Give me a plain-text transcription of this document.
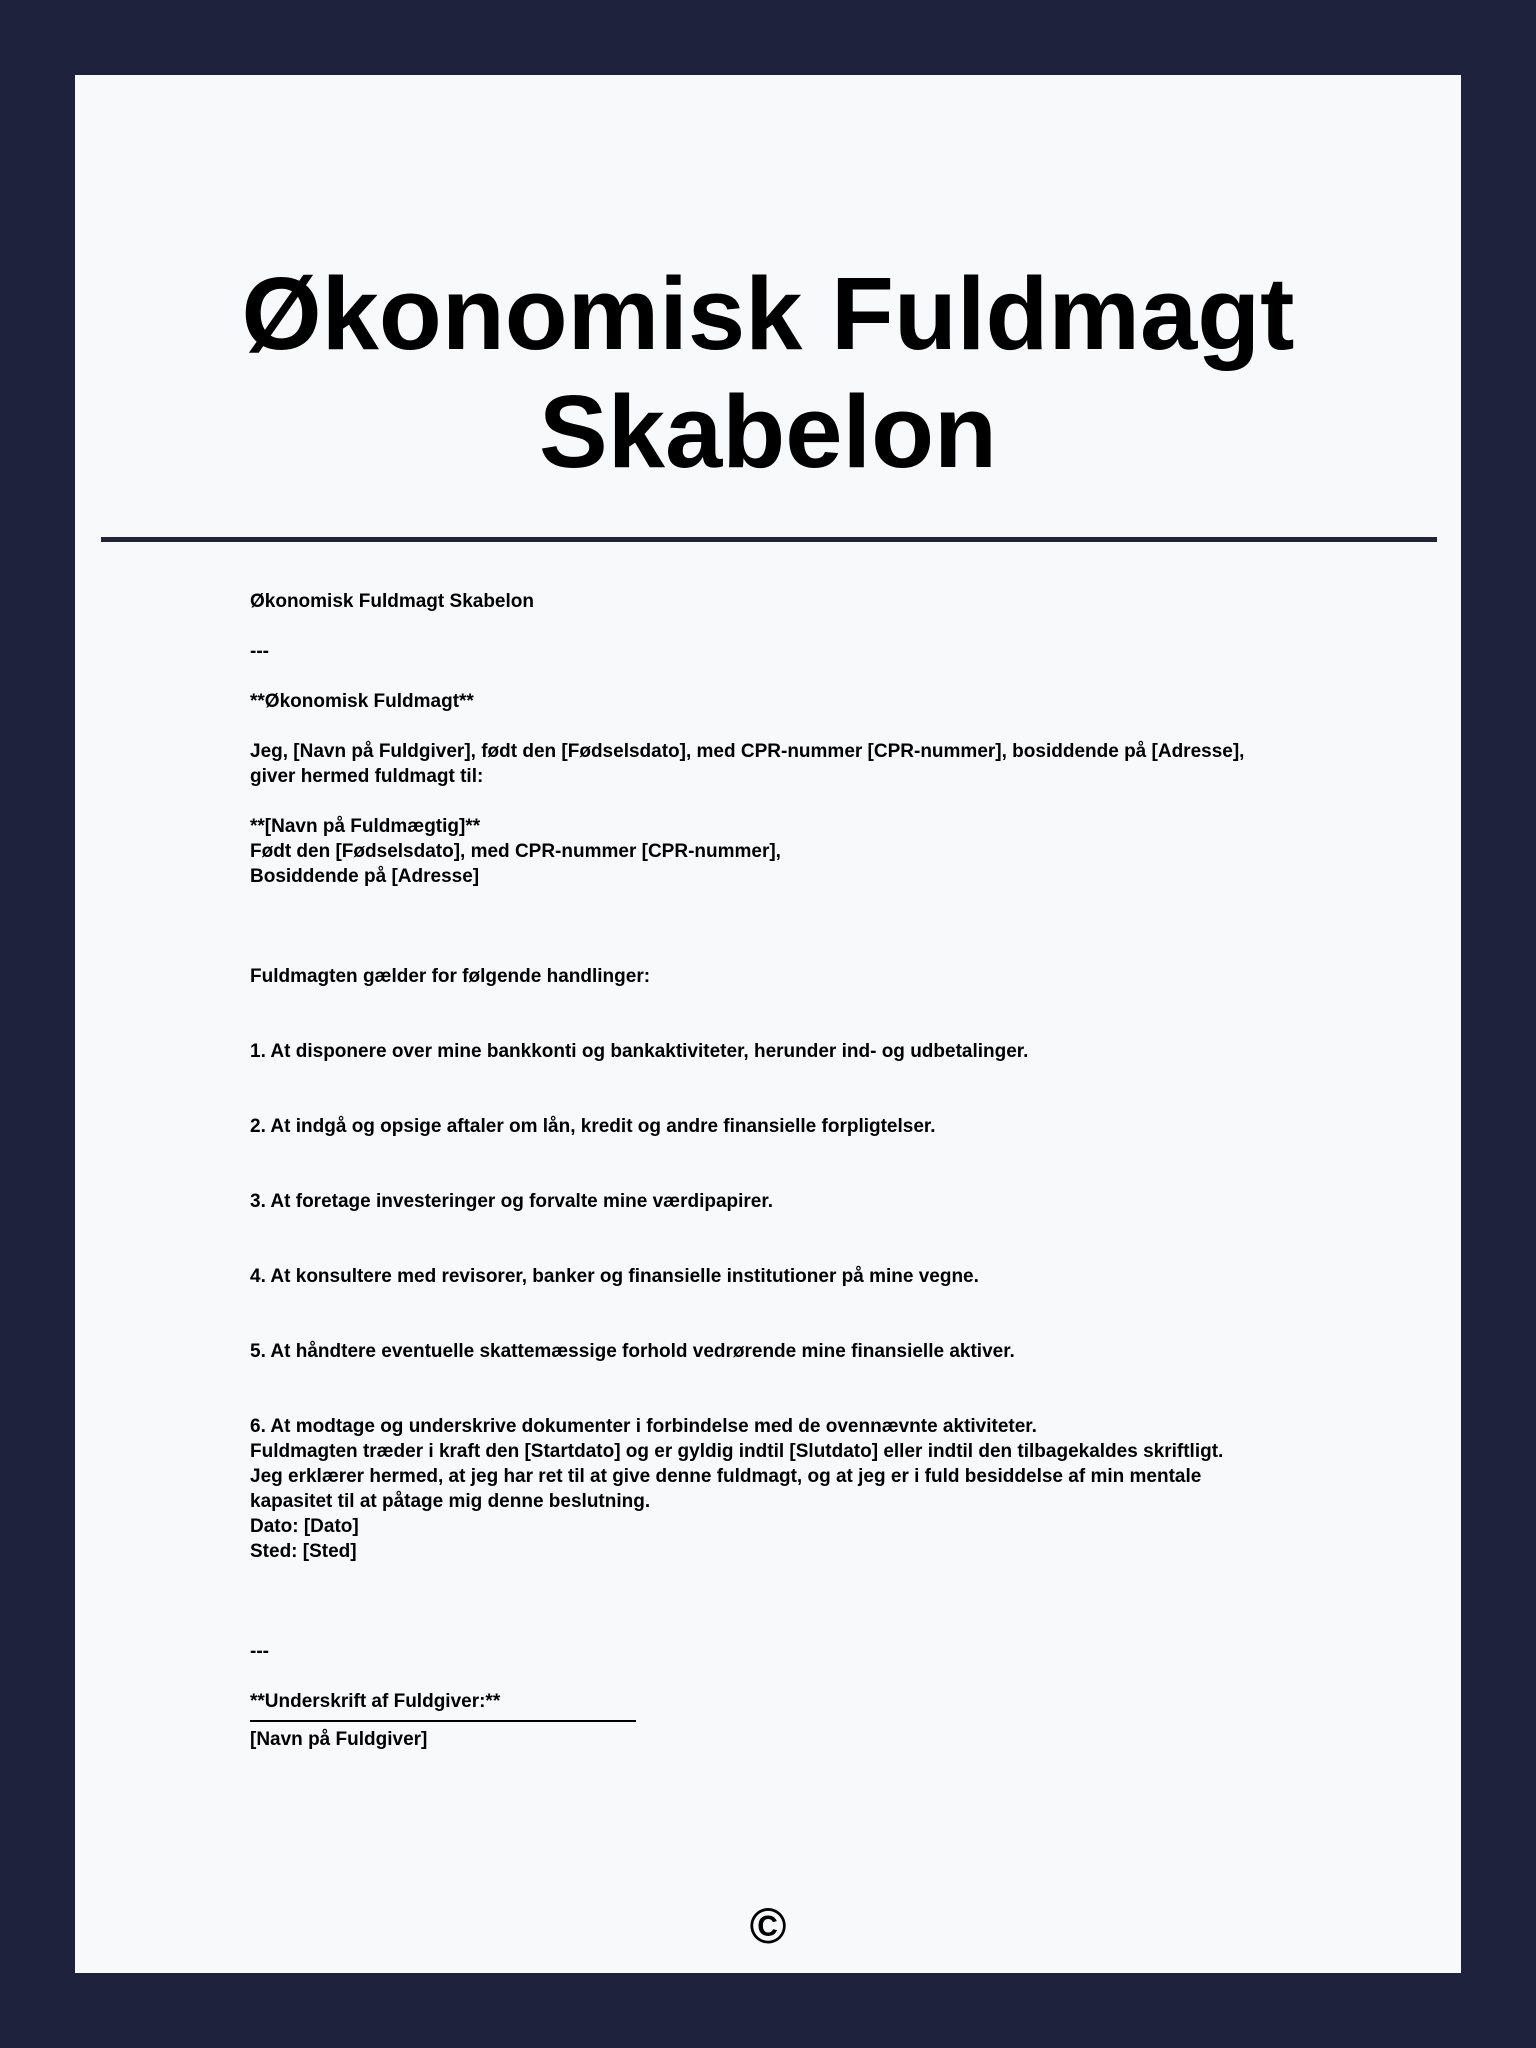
Økonomisk Fuldmagt Skabelon
Økonomisk Fuldmagt Skabelon
---
**Økonomisk Fuldmagt**
Jeg, [Navn på Fuldgiver], født den [Fødselsdato], med CPR-nummer [CPR-nummer], bosiddende på [Adresse], giver hermed fuldmagt til:
**[Navn på Fuldmægtig]**
Født den [Fødselsdato], med CPR-nummer [CPR-nummer],
Bosiddende på [Adresse]
Fuldmagten gælder for følgende handlinger:
1. At disponere over mine bankkonti og bankaktiviteter, herunder ind- og udbetalinger.
2. At indgå og opsige aftaler om lån, kredit og andre finansielle forpligtelser.
3. At foretage investeringer og forvalte mine værdipapirer.
4. At konsultere med revisorer, banker og finansielle institutioner på mine vegne.
5. At håndtere eventuelle skattemæssige forhold vedrørende mine finansielle aktiver.
6. At modtage og underskrive dokumenter i forbindelse med de ovennævnte aktiviteter.
Fuldmagten træder i kraft den [Startdato] og er gyldig indtil [Slutdato] eller indtil den tilbagekaldes skriftligt.
Jeg erklærer hermed, at jeg har ret til at give denne fuldmagt, og at jeg er i fuld besiddelse af min mentale kapasitet til at påtage mig denne beslutning.
Dato: [Dato]
Sted: [Sted]
---
**Underskrift af Fuldgiver:**
[Navn på Fuldgiver]
©
